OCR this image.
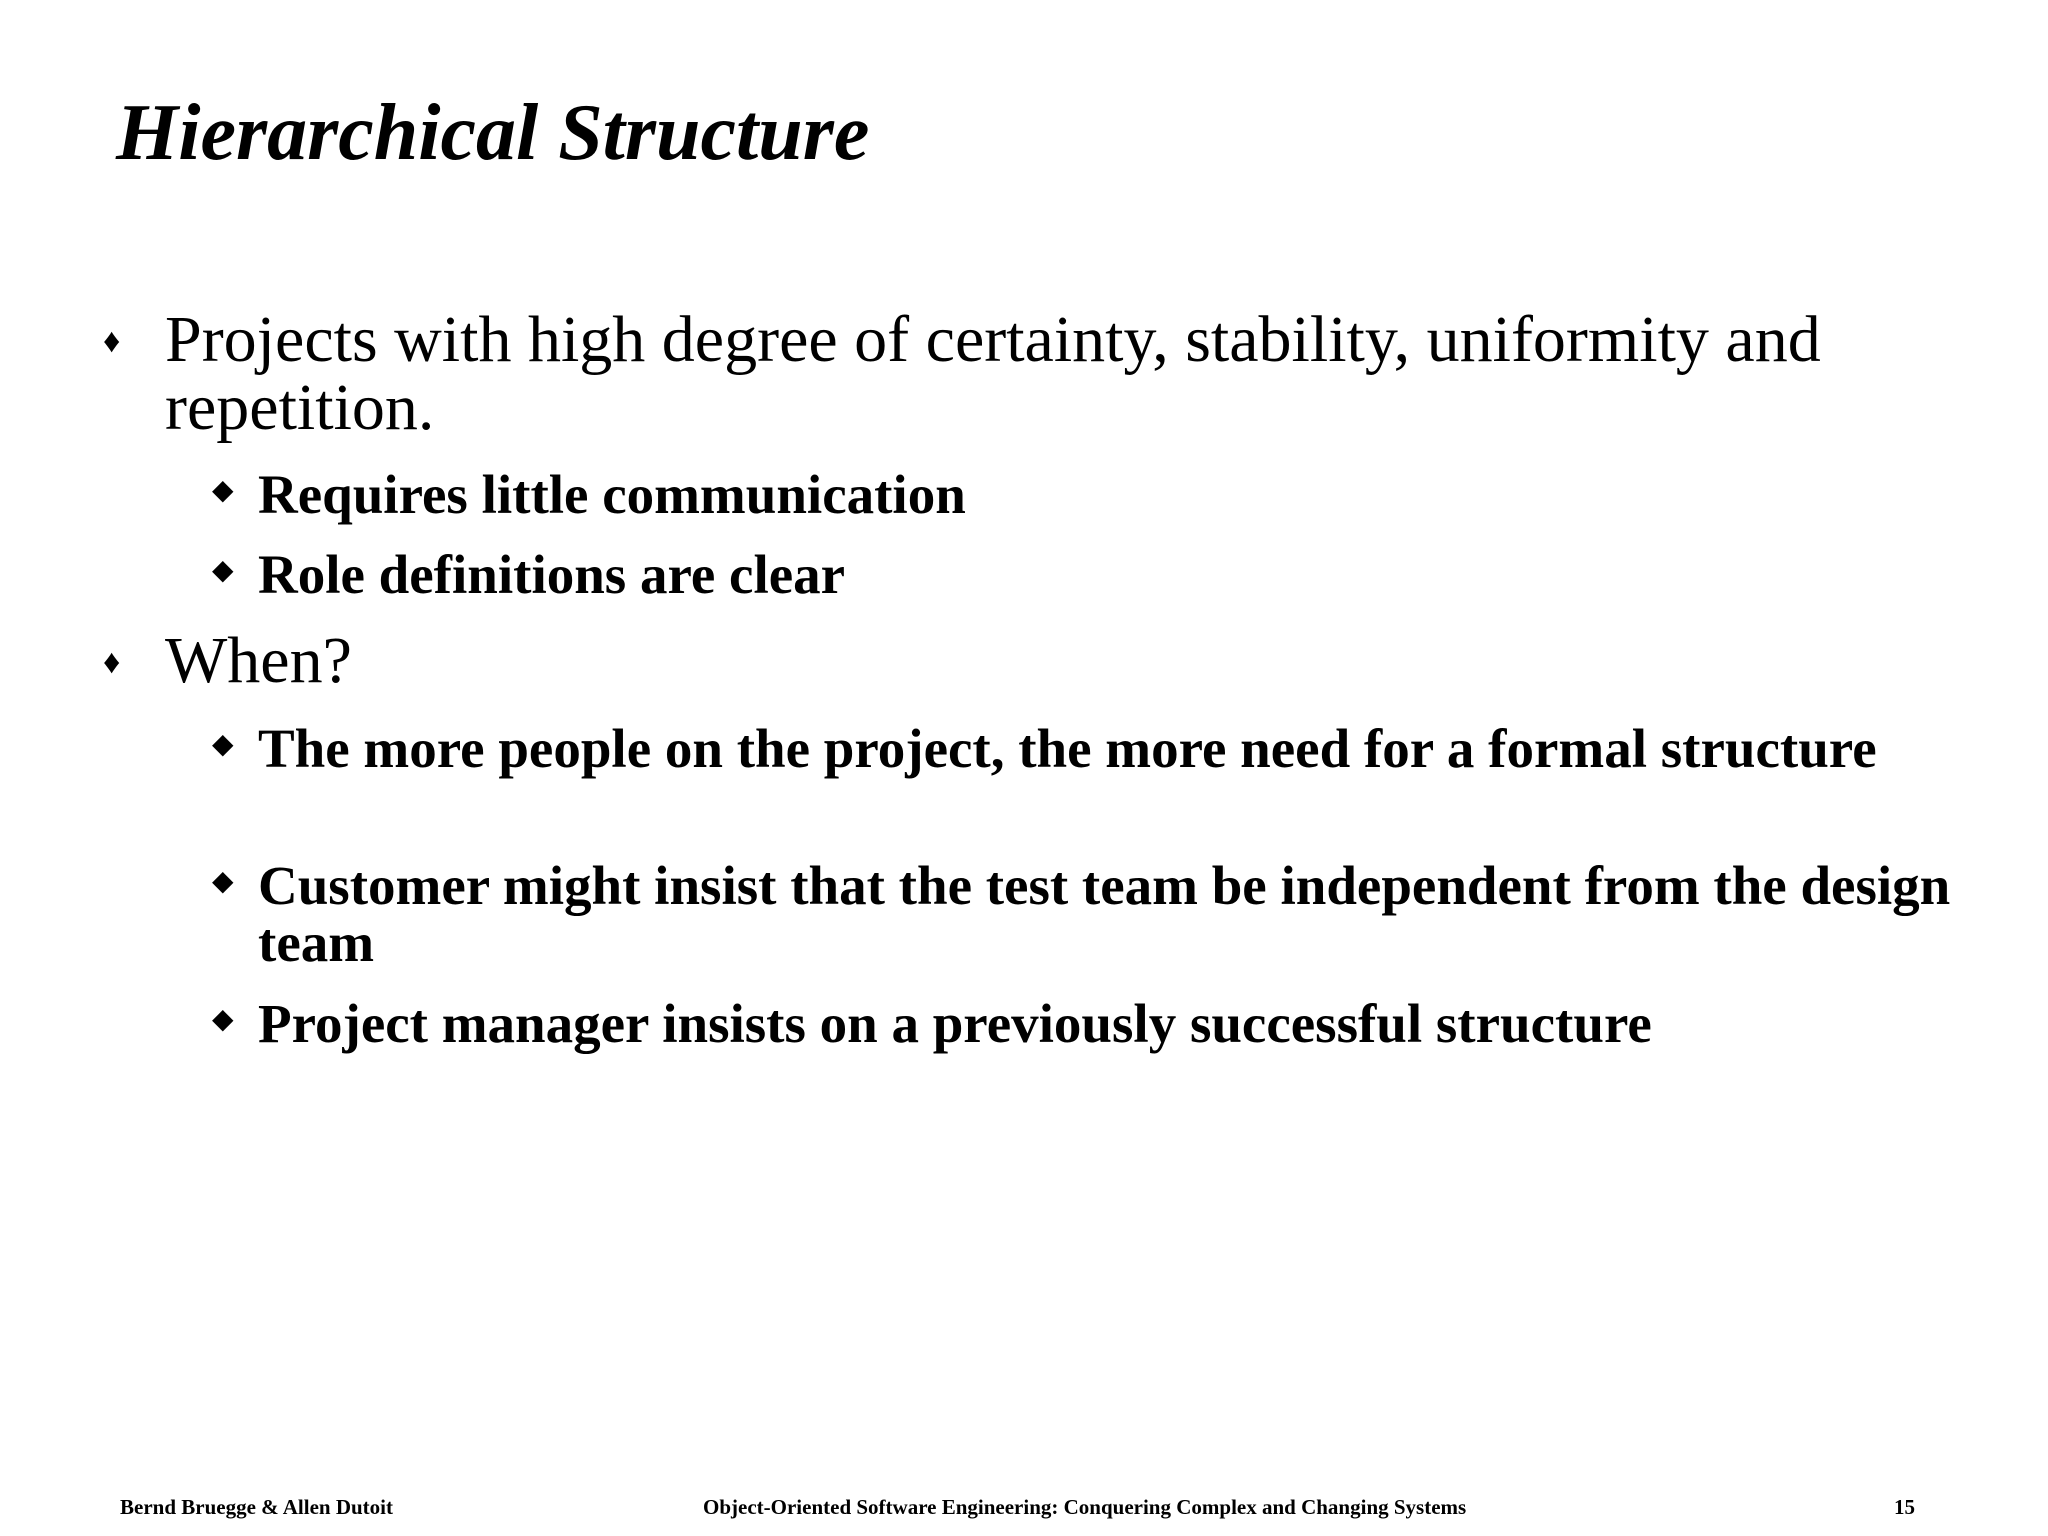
Hierarchical Structure
♦ Projects with high degree of certainty, stability, uniformity and repetition.
◆ Requires little communication
◆ Role definitions are clear
♦ When?
◆ The more people on the project, the more need for a formal structure
◆ Customer might insist that the test team be independent from the design team
◆ Project manager insists on a previously successful structure
Bernd Bruegge & Allen Dutoit	Object-Oriented Software Engineering: Conquering Complex and Changing Systems	15
